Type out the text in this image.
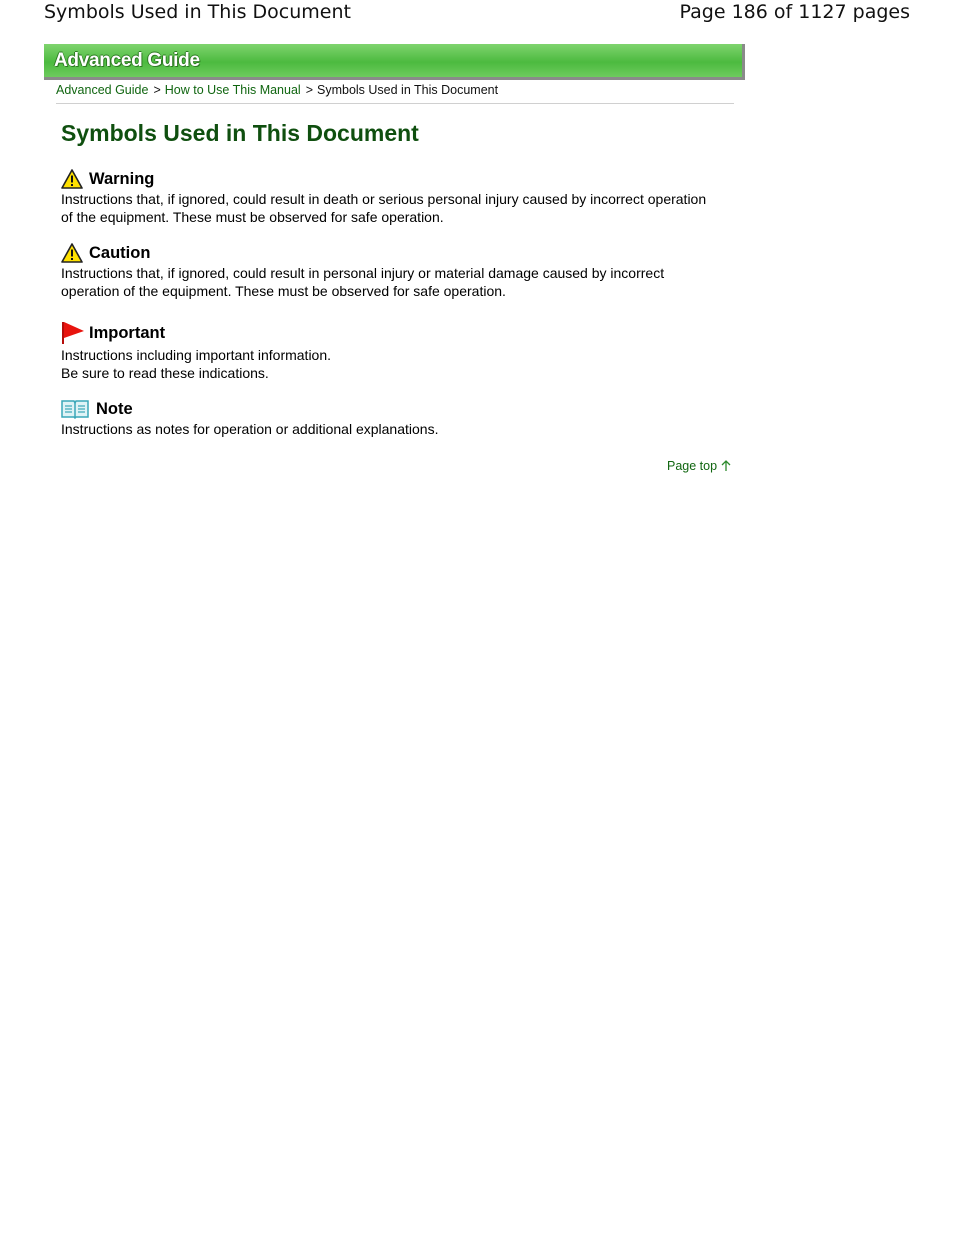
Symbols Used in This Document	Page 186 of 1127 pages
Advanced Guide
Advanced Guide > How to Use This Manual > Symbols Used in This Document
Symbols Used in This Document
Warning
Instructions that, if ignored, could result in death or serious personal injury caused by incorrect operation
of the equipment. These must be observed for safe operation.
Caution
Instructions that, if ignored, could result in personal injury or material damage caused by incorrect
operation of the equipment. These must be observed for safe operation.
Important
Instructions including important information.
Be sure to read these indications.
Note
Instructions as notes for operation or additional explanations.
Page top
